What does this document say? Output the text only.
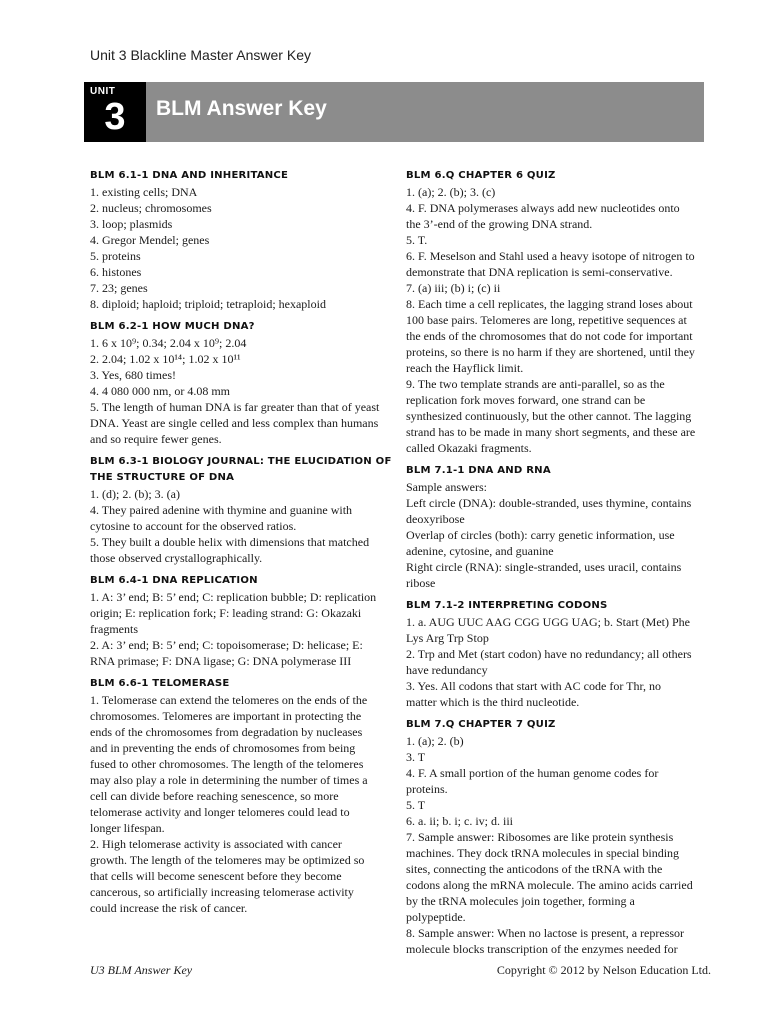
Unit 3 Blackline Master Answer Key
UNIT
3	BLM Answer Key
BLM 6.1-1 DNA AND INHERITANCE
1. existing cells; DNA
2. nucleus; chromosomes
3. loop; plasmids
4. Gregor Mendel; genes
5. proteins
6. histones
7. 23; genes
8. diploid; haploid; triploid; tetraploid; hexaploid
BLM 6.2-1 HOW MUCH DNA?
1. 6 x 10⁹; 0.34; 2.04 x 10⁹; 2.04
2. 2.04; 1.02 x 10¹⁴; 1.02 x 10¹¹
3. Yes, 680 times!
4. 4 080 000 nm, or 4.08 mm
5. The length of human DNA is far greater than that of yeast
DNA. Yeast are single celled and less complex than humans
and so require fewer genes.
BLM 6.3-1 BIOLOGY JOURNAL: THE ELUCIDATION OF THE STRUCTURE OF DNA
1. (d); 2. (b); 3. (a)
4. They paired adenine with thymine and guanine with
cytosine to account for the observed ratios.
5. They built a double helix with dimensions that matched
those observed crystallographically.
BLM 6.4-1 DNA REPLICATION
1. A: 3’ end; B: 5’ end; C: replication bubble; D: replication
origin; E: replication fork; F: leading strand: G: Okazaki
fragments
2. A: 3’ end; B: 5’ end; C: topoisomerase; D: helicase; E:
RNA primase; F: DNA ligase; G: DNA polymerase III
BLM 6.6-1 TELOMERASE
1. Telomerase can extend the telomeres on the ends of the
chromosomes. Telomeres are important in protecting the
ends of the chromosomes from degradation by nucleases
and in preventing the ends of chromosomes from being
fused to other chromosomes. The length of the telomeres
may also play a role in determining the number of times a
cell can divide before reaching senescence, so more
telomerase activity and longer telomeres could lead to
longer lifespan.
2. High telomerase activity is associated with cancer
growth. The length of the telomeres may be optimized so
that cells will become senescent before they become
cancerous, so artificially increasing telomerase activity
could increase the risk of cancer.
BLM 6.Q CHAPTER 6 QUIZ
1. (a); 2. (b); 3. (c)
4. F. DNA polymerases always add new nucleotides onto
the 3’-end of the growing DNA strand.
5. T.
6. F. Meselson and Stahl used a heavy isotope of nitrogen to
demonstrate that DNA replication is semi-conservative.
7. (a) iii; (b) i; (c) ii
8. Each time a cell replicates, the lagging strand loses about
100 base pairs. Telomeres are long, repetitive sequences at
the ends of the chromosomes that do not code for important
proteins, so there is no harm if they are shortened, until they
reach the Hayflick limit.
9. The two template strands are anti-parallel, so as the
replication fork moves forward, one strand can be
synthesized continuously, but the other cannot. The lagging
strand has to be made in many short segments, and these are
called Okazaki fragments.
BLM 7.1-1 DNA AND RNA
Sample answers:
Left circle (DNA): double-stranded, uses thymine, contains
deoxyribose
Overlap of circles (both): carry genetic information, use
adenine, cytosine, and guanine
Right circle (RNA): single-stranded, uses uracil, contains
ribose
BLM 7.1-2 INTERPRETING CODONS
1. a. AUG UUC AAG CGG UGG UAG; b. Start (Met) Phe
Lys Arg Trp Stop
2. Trp and Met (start codon) have no redundancy; all others
have redundancy
3. Yes. All codons that start with AC code for Thr, no
matter which is the third nucleotide.
BLM 7.Q CHAPTER 7 QUIZ
1. (a); 2. (b)
3. T
4. F. A small portion of the human genome codes for
proteins.
5. T
6. a. ii; b. i; c. iv; d. iii
7. Sample answer: Ribosomes are like protein synthesis
machines. They dock tRNA molecules in special binding
sites, connecting the anticodons of the tRNA with the
codons along the mRNA molecule. The amino acids carried
by the tRNA molecules join together, forming a
polypeptide.
8. Sample answer: When no lactose is present, a repressor
molecule blocks transcription of the enzymes needed for
U3 BLM Answer Key	Copyright © 2012 by Nelson Education Ltd.
